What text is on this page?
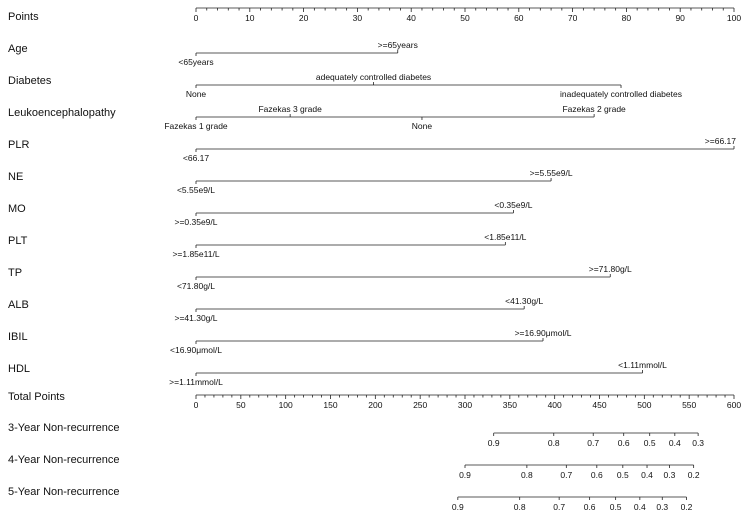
Points	0	10	20	30	40	50	60	70	80	90	100
Age
<65years
>=65years
Diabetes
None
adequately controlled diabetes
inadequately controlled diabetes
Leukoencephalopathy
Fazekas 1 grade
Fazekas 3 grade
None
Fazekas 2 grade
PLR
<66.17
>=66.17
NE
<5.55e9/L
>=5.55e9/L
MO
>=0.35e9/L
<0.35e9/L
PLT
>=1.85e11/L
<1.85e11/L
TP
<71.80g/L
>=71.80g/L
ALB
>=41.30g/L
<41.30g/L
IBIL
<16.90μmol/L
>=16.90μmol/L
HDL
>=1.11mmol/L
<1.11mmol/L
Total Points
0	50	100	150	200	250	300	350	400	450	500	550	600
3-Year Non-recurrence
0.9	0.8	0.7 0.6 0.5 0.4 0.3
4-Year Non-recurrence
0.9	0.8	0.7 0.6 0.5 0.4 0.3 0.2
5-Year Non-recurrence
0.9	0.8	0.7 0.6 0.5 0.4 0.3 0.2
